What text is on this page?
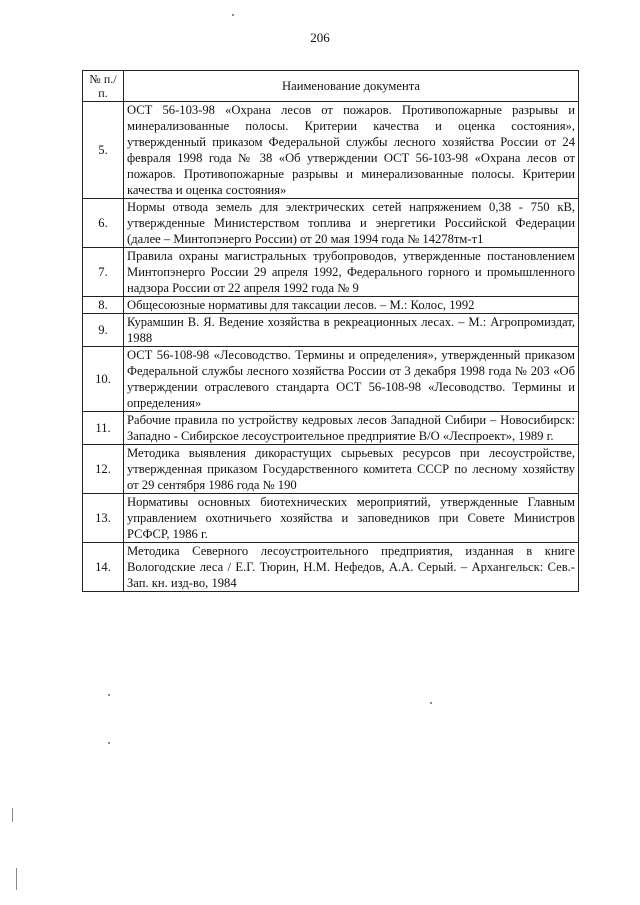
206
№ п./п.	Наименование документа
5.	ОСТ 56-103-98 «Охрана лесов от пожаров. Противопожарные разрывы и минерализованные полосы. Критерии качества и оценка состояния», утвержденный приказом Федеральной службы лесного хозяйства России от 24 февраля 1998 года № 38 «Об утверждении ОСТ 56-103-98 «Охрана лесов от пожаров. Противопожарные разрывы и минерализованные полосы. Критерии качества и оценка состояния»
6.	Нормы отвода земель для электрических сетей напряжением 0,38 - 750 кВ, утвержденные Министерством топлива и энергетики Российской Федерации (далее – Минтопэнерго России) от 20 мая 1994 года № 14278тм-т1
7.	Правила охраны магистральных трубопроводов, утвержденные постановлением Минтопэнерго России 29 апреля 1992, Федерального горного и промышленного надзора России от 22 апреля 1992 года № 9
8.	Общесоюзные нормативы для таксации лесов. – М.: Колос, 1992
9.	Курамшин В. Я. Ведение хозяйства в рекреационных лесах. – М.: Агропромиздат, 1988
10.	ОСТ 56-108-98 «Лесоводство. Термины и определения», утвержденный приказом Федеральной службы лесного хозяйства России от 3 декабря 1998 года № 203 «Об утверждении отраслевого стандарта ОСТ 56-108-98 «Лесоводство. Термины и определения»
11.	Рабочие правила по устройству кедровых лесов Западной Сибири – Новосибирск: Западно - Сибирское лесоустроительное предприятие В/О «Леспроект», 1989 г.
12.	Методика выявления дикорастущих сырьевых ресурсов при лесоустройстве, утвержденная приказом Государственного комитета СССР по лесному хозяйству от 29 сентября 1986 года № 190
13.	Нормативы основных биотехнических мероприятий, утвержденные Главным управлением охотничьего хозяйства и заповедников при Совете Министров РСФСР, 1986 г.
14.	Методика Северного лесоустроительного предприятия, изданная в книге Вологодские леса / Е.Г. Тюрин, Н.М. Нефедов, А.А. Серый. – Архангельск: Сев.-Зап. кн. изд-во, 1984
